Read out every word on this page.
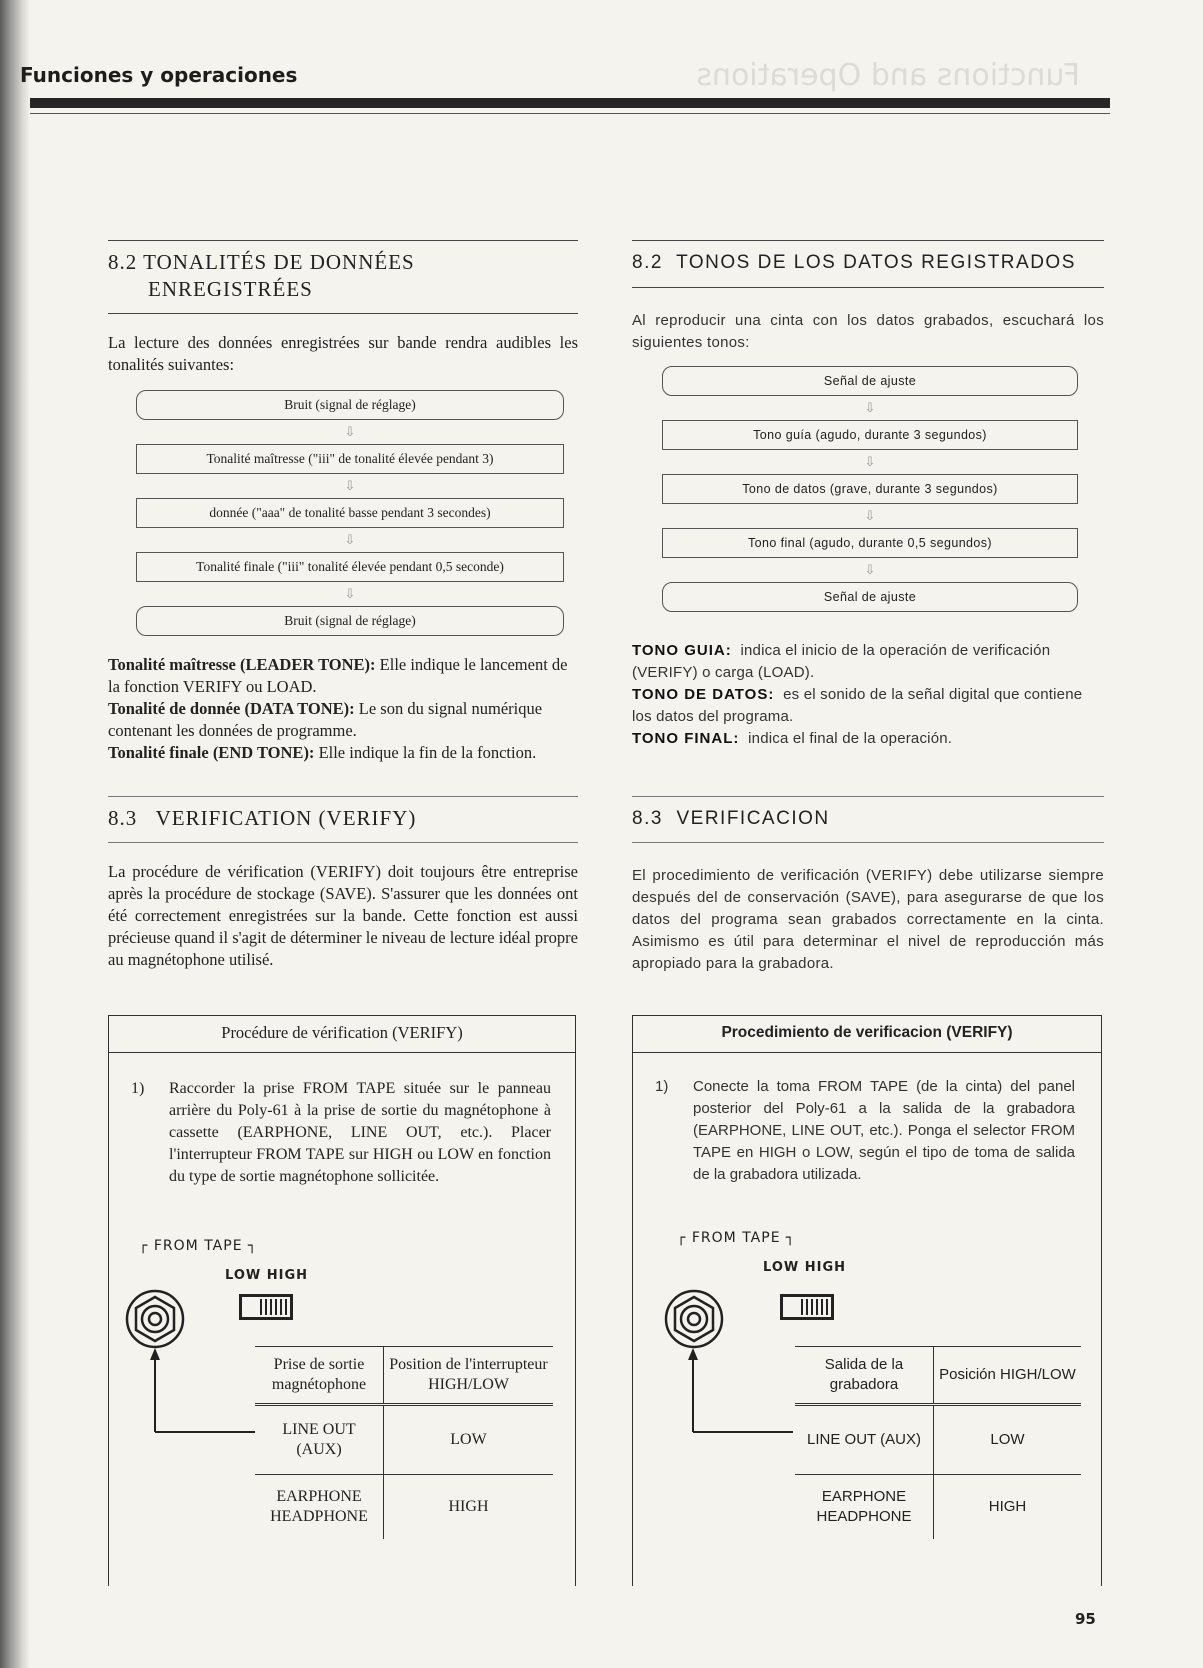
Funciones y operaciones	Functions and Operations
8.2 TONALITÉS DE DONNÉES
ENREGISTRÉES

La lecture des données enregistrées sur bande rendra audibles les tonalités suivantes:

Bruit (signal de réglage)
⇩
Tonalité maîtresse ("iii" de tonalité élevée pendant 3)
⇩
donnée ("aaa" de tonalité basse pendant 3 secondes)
⇩
Tonalité finale ("iii" tonalité élevée pendant 0,5 seconde)
⇩
Bruit (signal de réglage)

Tonalité maîtresse (LEADER TONE): Elle indique le lancement de la fonction VERIFY ou LOAD.

Tonalité de donnée (DATA TONE): Le son du signal numérique contenant les données de programme.

Tonalité finale (END TONE): Elle indique la fin de la fonction.

8.3   VERIFICATION (VERIFY)

La procédure de vérification (VERIFY) doit toujours être entreprise après la procédure de stockage (SAVE). S'assurer que les données ont été correctement enregistrées sur la bande. Cette fonction est aussi précieuse quand il s'agit de déterminer le niveau de lecture idéal propre au magnétophone utilisé.

Procédure de vérification (VERIFY)
1) Raccorder la prise FROM TAPE située sur le panneau arrière du Poly-61 à la prise de sortie du magnétophone à cassette (EARPHONE, LINE OUT, etc.). Placer l'interrupteur FROM TAPE sur HIGH ou LOW en fonction du type de sortie magnétophone sollicitée.
┌ FROM TAPE ┐
LOW HIGH
Prise de sortie magnétophone	Position de l'interrupteur HIGH/LOW
LINE OUT (AUX)	LOW
EARPHONE HEADPHONE	HIGH
8.2  TONOS DE LOS DATOS REGISTRADOS

Al reproducir una cinta con los datos grabados, escuchará los siguientes tonos:

Señal de ajuste
⇩
Tono guía (agudo, durante 3 segundos)
⇩
Tono de datos (grave, durante 3 segundos)
⇩
Tono final (agudo, durante 0,5 segundos)
⇩
Señal de ajuste

TONO GUIA:  indica el inicio de la operación de verificación (VERIFY) o carga (LOAD).

TONO DE DATOS:  es el sonido de la señal digital que contiene los datos del programa.

TONO FINAL:  indica el final de la operación.

8.3  VERIFICACION

El procedimiento de verificación (VERIFY) debe utilizarse siempre después del de conservación (SAVE), para asegurarse de que los datos del programa sean grabados correctamente en la cinta. Asimismo es útil para determinar el nivel de reproducción más apropiado para la grabadora.

Procedimiento de verificacion (VERIFY)
1) Conecte la toma FROM TAPE (de la cinta) del panel posterior del Poly-61 a la salida de la grabadora (EARPHONE, LINE OUT, etc.). Ponga el selector FROM TAPE en HIGH o LOW, según el tipo de toma de salida de la grabadora utilizada.
┌ FROM TAPE ┐
LOW HIGH
Salida de la grabadora	Posición HIGH/LOW
LINE OUT (AUX)	LOW
EARPHONE HEADPHONE	HIGH
95
